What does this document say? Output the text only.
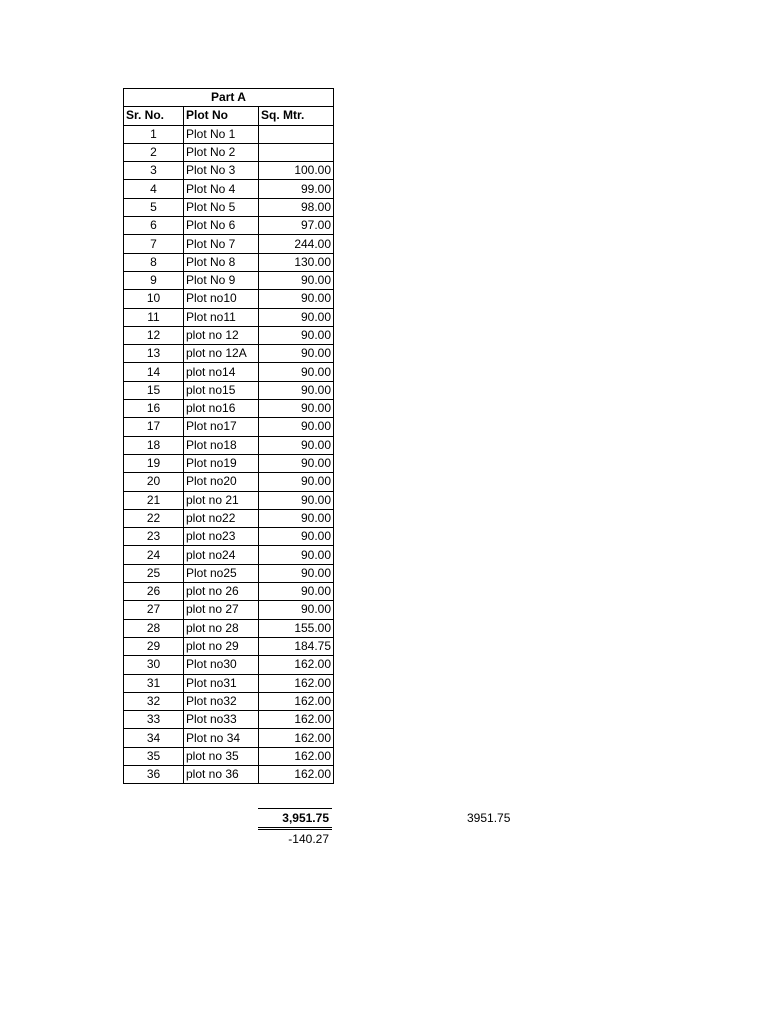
Part A		
Sr. No.	Plot No	Sq. Mtr.
1	Plot No 1	
2	Plot No 2	
3	Plot No 3	100.00
4	Plot No 4	99.00
5	Plot No 5	98.00
6	Plot No 6	97.00
7	Plot No 7	244.00
8	Plot No 8	130.00
9	Plot No 9	90.00
10	Plot no10	90.00
11	Plot no11	90.00
12	plot no 12	90.00
13	plot no 12A	90.00
14	plot no14	90.00
15	plot no15	90.00
16	plot no16	90.00
17	Plot no17	90.00
18	Plot no18	90.00
19	Plot no19	90.00
20	Plot no20	90.00
21	plot no 21	90.00
22	plot no22	90.00
23	plot no23	90.00
24	plot no24	90.00
25	Plot no25	90.00
26	plot no 26	90.00
27	plot no 27	90.00
28	plot no 28	155.00
29	plot no 29	184.75
30	Plot no30	162.00
31	Plot no31	162.00
32	Plot no32	162.00
33	Plot no33	162.00
34	Plot no 34	162.00
35	plot no 35	162.00
36	plot no 36	162.00
3,951.75
-140.27
3951.75
